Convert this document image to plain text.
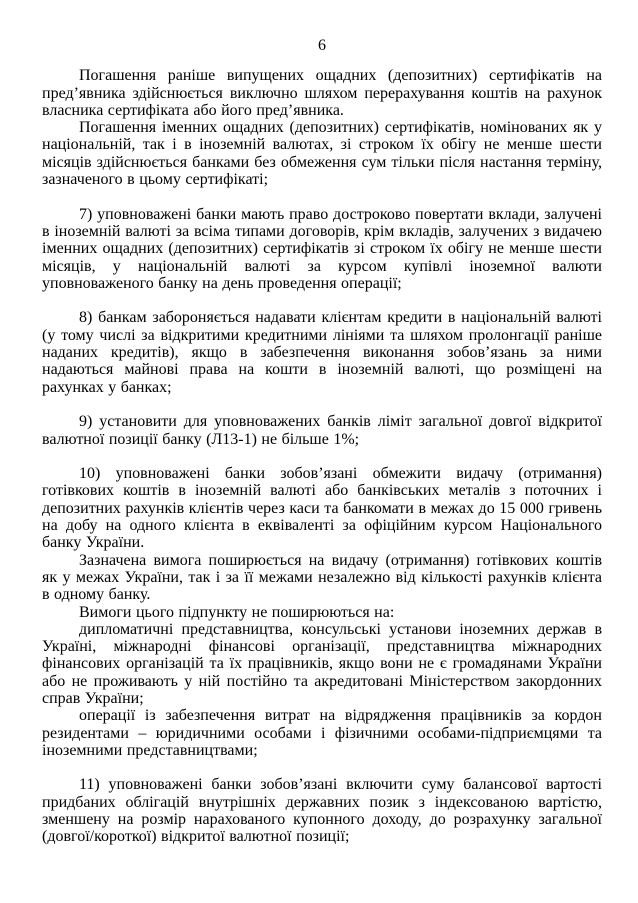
6

Погашення раніше випущених ощадних (депозитних) сертифікатів на пред’явника здійснюється виключно шляхом перерахування коштів на рахунок власника сертифіката або його пред’явника.

Погашення іменних ощадних (депозитних) сертифікатів, номінованих як у національній, так і в іноземній валютах, зі строком їх обігу не менше шести місяців здійснюється банками без обмеження сум тільки після настання терміну, зазначеного в цьому сертифікаті;

7) уповноважені банки мають право достроково повертати вклади, залучені в іноземній валюті за всіма типами договорів, крім вкладів, залучених з видачею іменних ощадних (депозитних) сертифікатів зі строком їх обігу не менше шести місяців, у національній валюті за курсом купівлі іноземної валюти уповноваженого банку на день проведення операції;

8) банкам забороняється надавати клієнтам кредити в національній валюті (у тому числі за відкритими кредитними лініями та шляхом пролонгації раніше наданих кредитів), якщо в забезпечення виконання зобов’язань за ними надаються майнові права на кошти в іноземній валюті, що розміщені на рахунках у банках;

9) установити для уповноважених банків ліміт загальної довгої відкритої валютної позиції банку (Л13-1) не більше 1%;

10) уповноважені банки зобов’язані обмежити видачу (отримання) готівкових коштів в іноземній валюті або банківських металів з поточних і депозитних рахунків клієнтів через каси та банкомати в межах до 15 000 гривень на добу на одного клієнта в еквіваленті за офіційним курсом Національного банку України.

Зазначена вимога поширюється на видачу (отримання) готівкових коштів як у межах України, так і за її межами незалежно від кількості рахунків клієнта в одному банку.

Вимоги цього підпункту не поширюються на:

дипломатичні представництва, консульські установи іноземних держав в Україні, міжнародні фінансові організації, представництва міжнародних фінансових організацій та їх працівників, якщо вони не є громадянами України або не проживають у ній постійно та акредитовані Міністерством закордонних справ України;

операції із забезпечення витрат на відрядження працівників за кордон резидентами – юридичними особами і фізичними особами-підприємцями та іноземними представництвами;

11) уповноважені банки зобов’язані включити суму балансової вартості придбаних облігацій внутрішніх державних позик з індексованою вартістю, зменшену на розмір нарахованого купонного доходу, до розрахунку загальної (довгої/короткої) відкритої валютної позиції;
